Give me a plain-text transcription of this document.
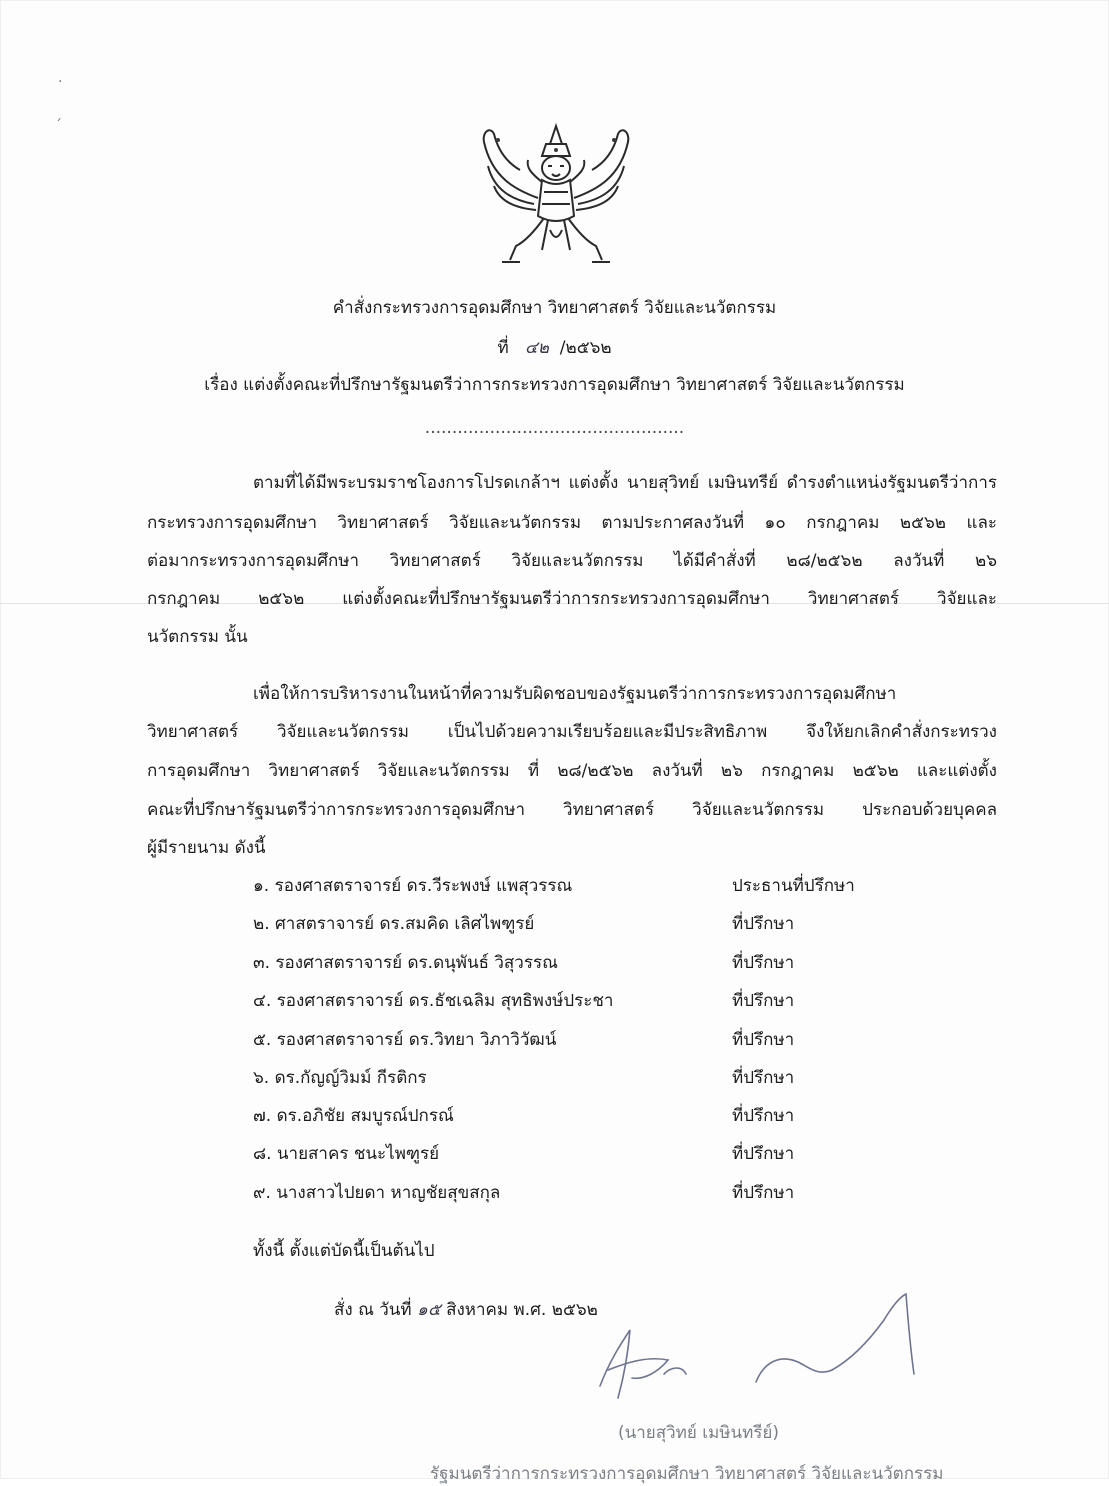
·
ˊ
คำสั่งกระทรวงการอุดมศึกษา วิทยาศาสตร์ วิจัยและนวัตกรรม
ที่ ๔๒ /๒๕๖๒
เรื่อง แต่งตั้งคณะที่ปรึกษารัฐมนตรีว่าการกระทรวงการอุดมศึกษา วิทยาศาสตร์ วิจัยและนวัตกรรม
................................................
ตามที่ได้มีพระบรมราชโองการโปรดเกล้าฯ แต่งตั้ง นายสุวิทย์ เมษินทรีย์ ดำรงตำแหน่งรัฐมนตรีว่าการ
กระทรวงการอุดมศึกษา วิทยาศาสตร์ วิจัยและนวัตกรรม ตามประกาศลงวันที่ ๑๐ กรกฎาคม ๒๕๖๒ และ
ต่อมากระทรวงการอุดมศึกษา วิทยาศาสตร์ วิจัยและนวัตกรรม ได้มีคำสั่งที่ ๒๘/๒๕๖๒ ลงวันที่ ๒๖
กรกฎาคม ๒๕๖๒ แต่งตั้งคณะที่ปรึกษารัฐมนตรีว่าการกระทรวงการอุดมศึกษา วิทยาศาสตร์ วิจัยและ
นวัตกรรม นั้น
เพื่อให้การบริหารงานในหน้าที่ความรับผิดชอบของรัฐมนตรีว่าการกระทรวงการอุดมศึกษา
วิทยาศาสตร์ วิจัยและนวัตกรรม เป็นไปด้วยความเรียบร้อยและมีประสิทธิภาพ จึงให้ยกเลิกคำสั่งกระทรวง
การอุดมศึกษา วิทยาศาสตร์ วิจัยและนวัตกรรม ที่ ๒๘/๒๕๖๒ ลงวันที่ ๒๖ กรกฎาคม ๒๕๖๒ และแต่งตั้ง
คณะที่ปรึกษารัฐมนตรีว่าการกระทรวงการอุดมศึกษา วิทยาศาสตร์ วิจัยและนวัตกรรม ประกอบด้วยบุคคล
ผู้มีรายนาม ดังนี้
๑. รองศาสตราจารย์ ดร.วีระพงษ์ แพสุวรรณ	ประธานที่ปรึกษา
๒. ศาสตราจารย์ ดร.สมคิด เลิศไพฑูรย์	ที่ปรึกษา
๓. รองศาสตราจารย์ ดร.ดนุพันธ์ วิสุวรรณ	ที่ปรึกษา
๔. รองศาสตราจารย์ ดร.ธัชเฉลิม สุทธิพงษ์ประชา	ที่ปรึกษา
๕. รองศาสตราจารย์ ดร.วิทยา วิภาวิวัฒน์	ที่ปรึกษา
๖. ดร.กัญญ์วิมม์ กีรติกร	ที่ปรึกษา
๗. ดร.อภิชัย สมบูรณ์ปกรณ์	ที่ปรึกษา
๘. นายสาคร ชนะไพฑูรย์	ที่ปรึกษา
๙. นางสาวไปยดา หาญชัยสุขสกุล	ที่ปรึกษา
ทั้งนี้ ตั้งแต่บัดนี้เป็นต้นไป
สั่ง ณ วันที่ ๑๕ สิงหาคม พ.ศ. ๒๕๖๒
(นายสุวิทย์ เมษินทรีย์)
รัฐมนตรีว่าการกระทรวงการอุดมศึกษา วิทยาศาสตร์ วิจัยและนวัตกรรม
